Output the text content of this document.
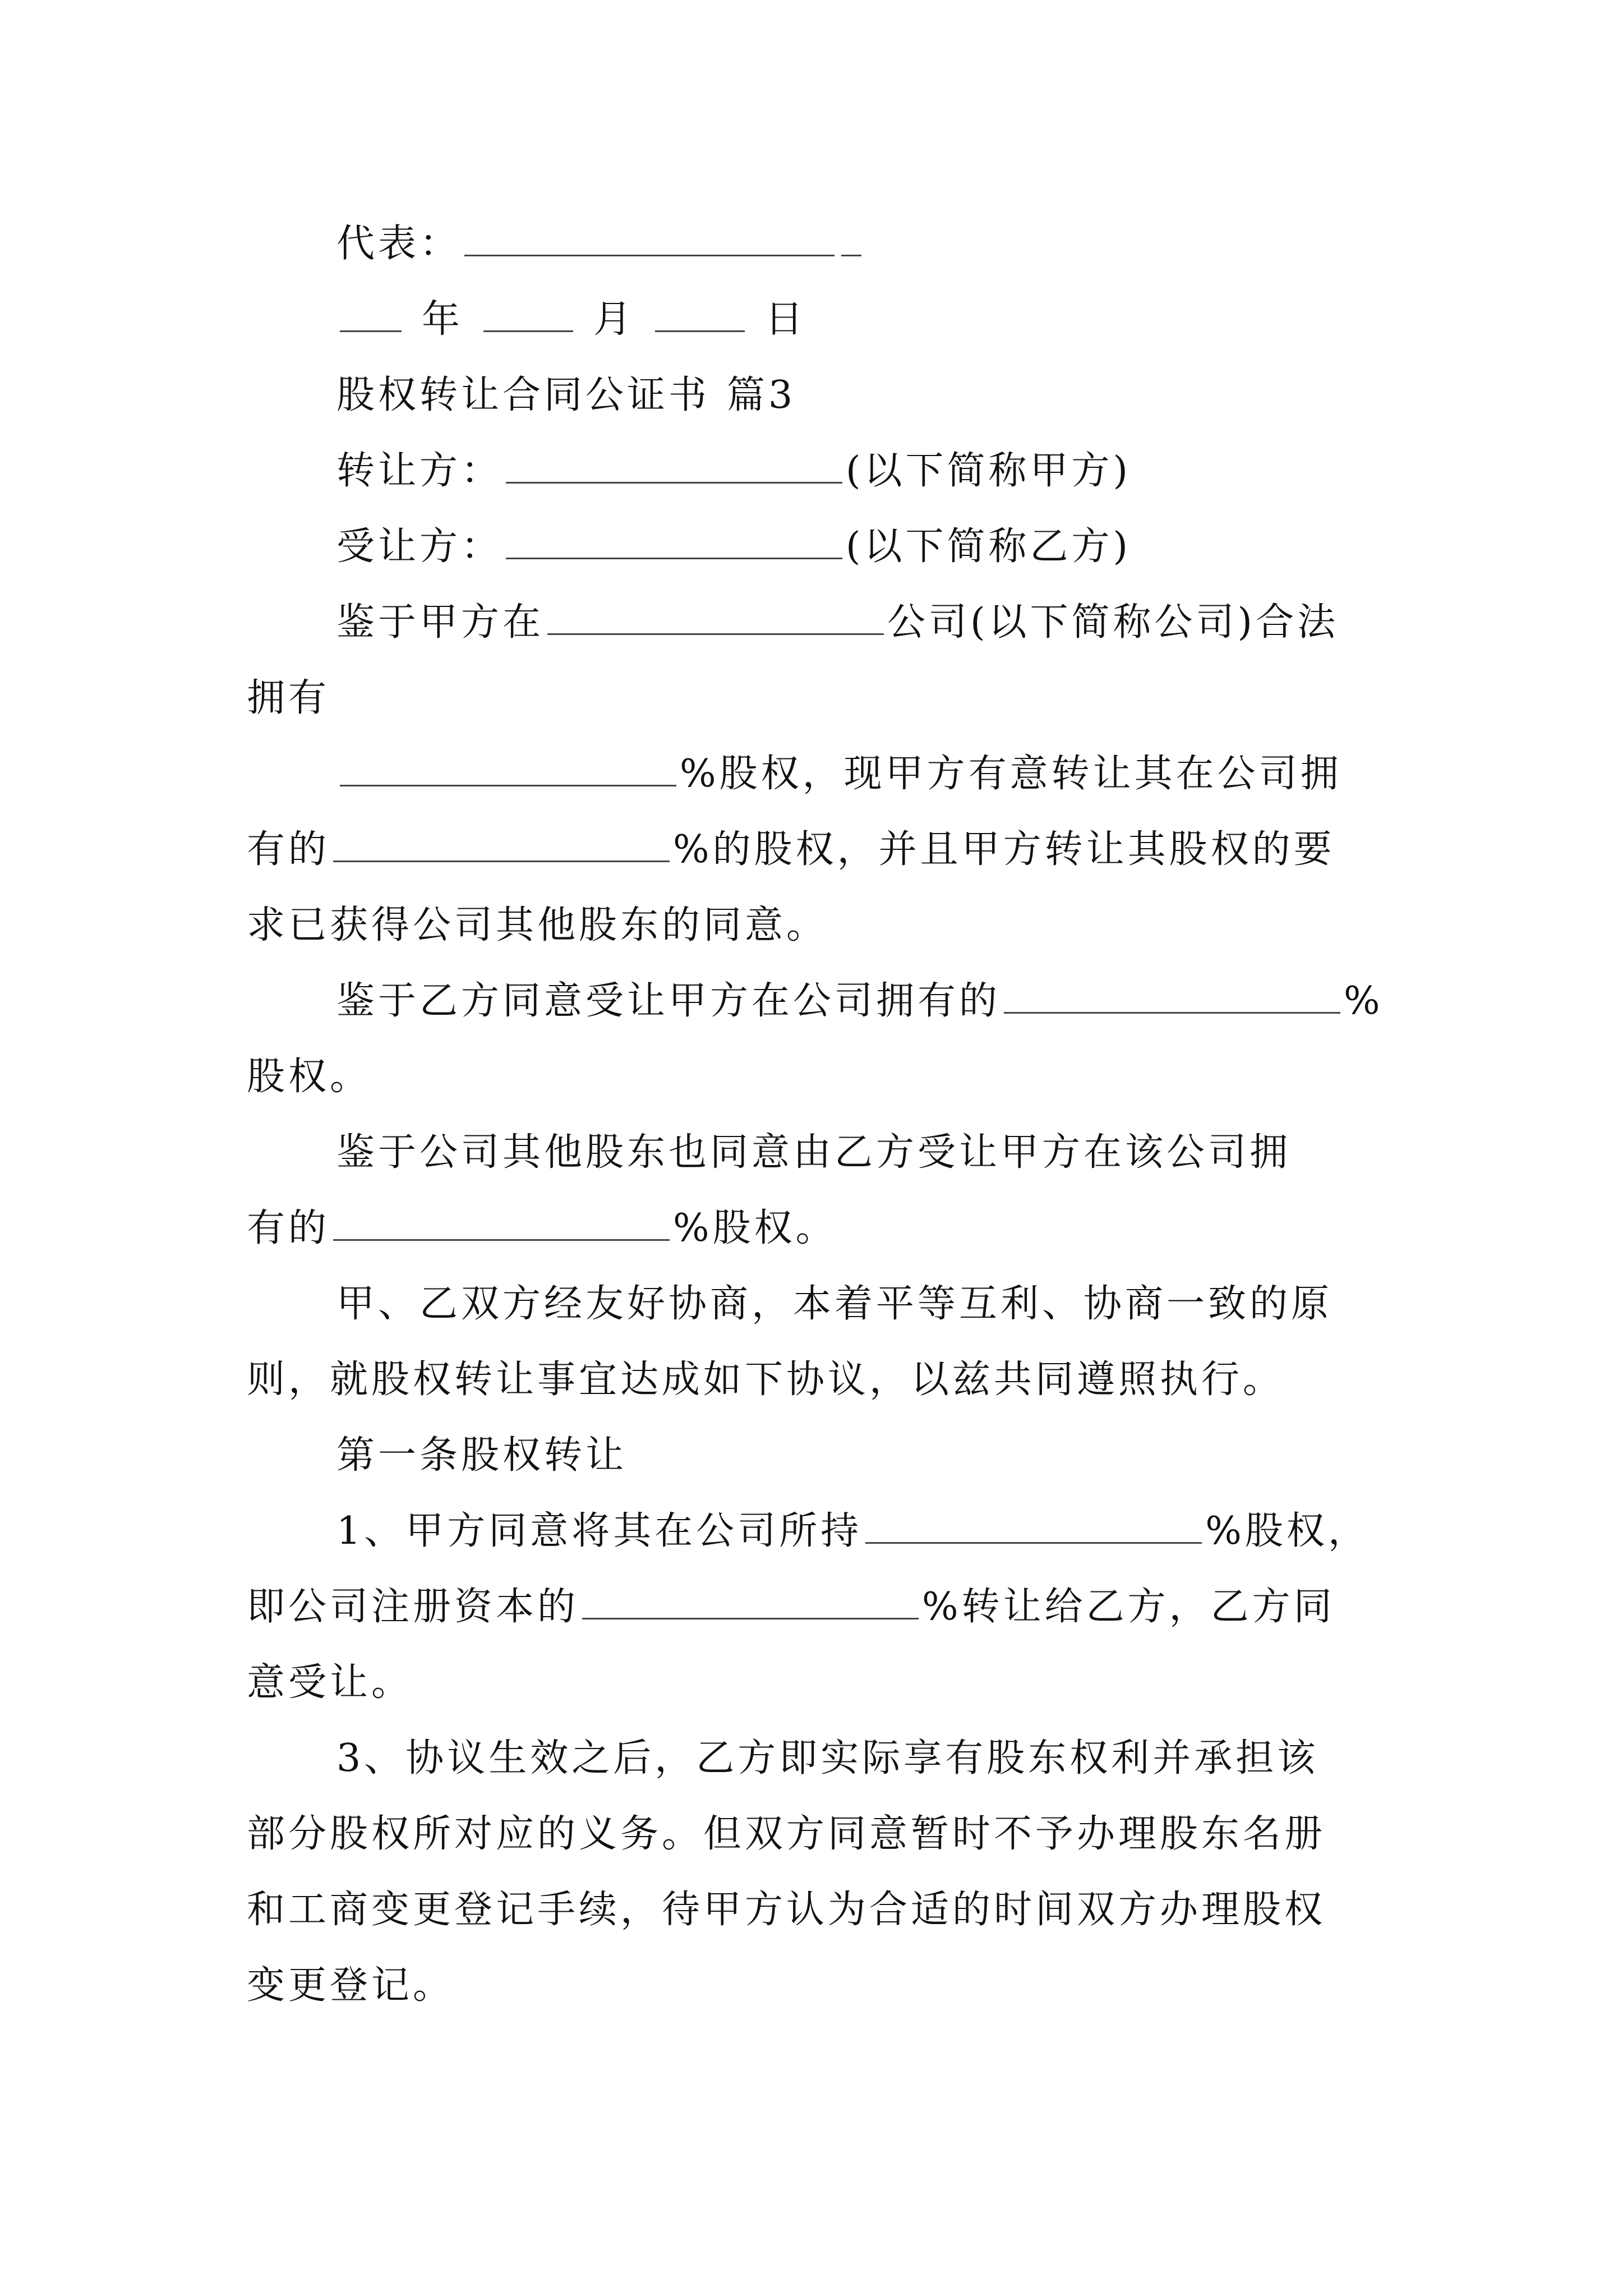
代表：
年	月	日
股权转让合同公证书 篇3
转让方：	(以下简称甲方)
受让方：	(以下简称乙方)
鉴于甲方在	公司(以下简称公司)合法
拥有
%股权，现甲方有意转让其在公司拥
有的	%的股权，并且甲方转让其股权的要
求已获得公司其他股东的同意。
鉴于乙方同意受让甲方在公司拥有的	%
股权。
鉴于公司其他股东也同意由乙方受让甲方在该公司拥
有的	%股权。
甲、乙双方经友好协商，本着平等互利、协商一致的原
则，就股权转让事宜达成如下协议，以兹共同遵照执行。
第一条股权转让
1、甲方同意将其在公司所持	%股权，
即公司注册资本的	%转让给乙方，乙方同
意受让。
3、协议生效之后，乙方即实际享有股东权利并承担该
部分股权所对应的义务。但双方同意暂时不予办理股东名册
和工商变更登记手续，待甲方认为合适的时间双方办理股权
变更登记。
